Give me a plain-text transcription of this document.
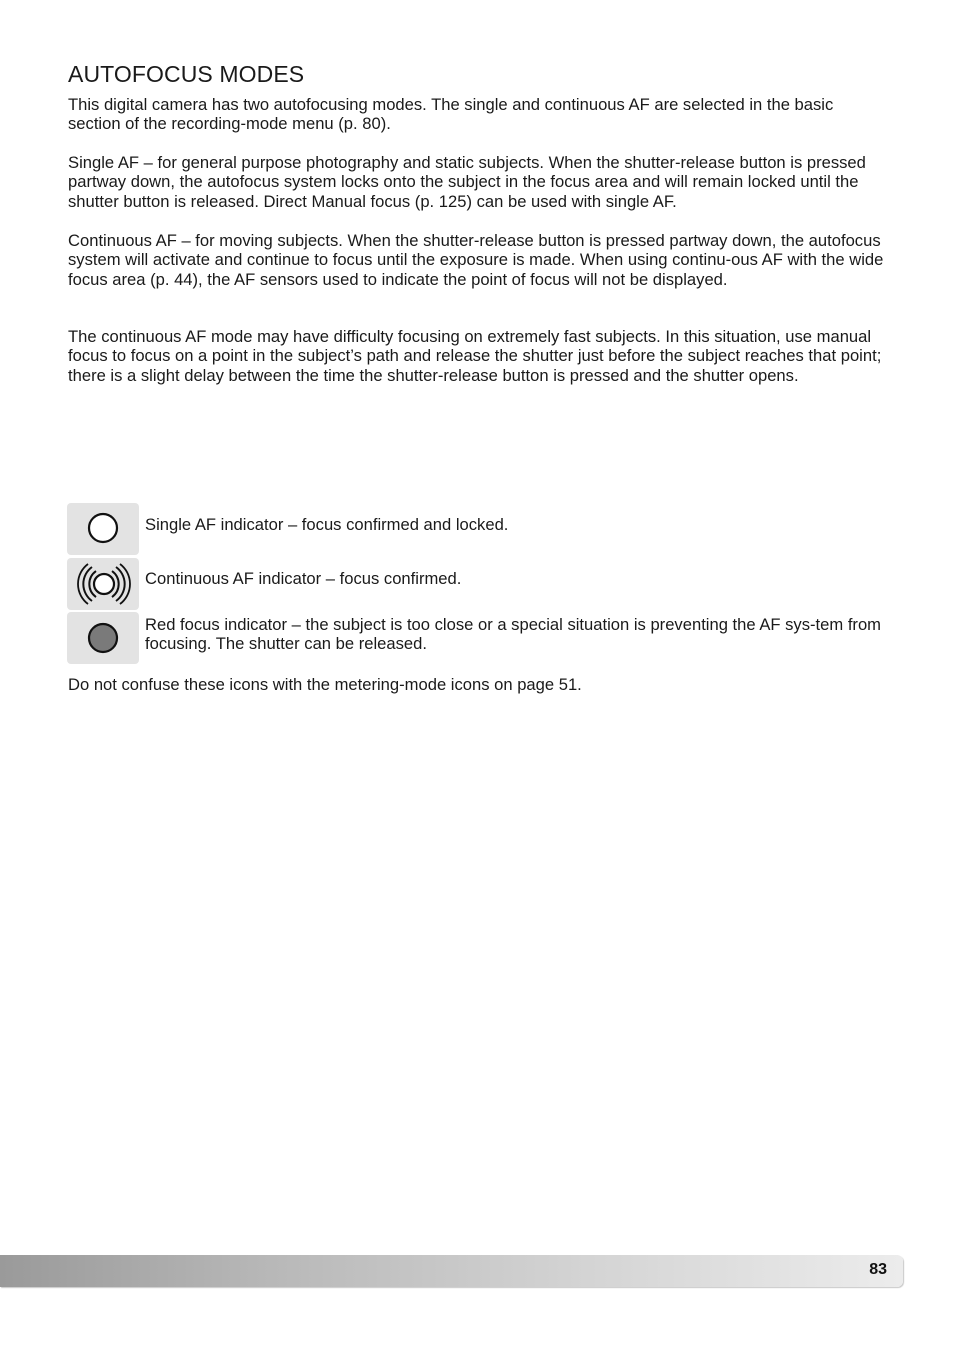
AUTOFOCUS MODES

This digital camera has two autofocusing modes. The single and continuous AF are selected in the basic section of the recording-mode menu (p. 80).

Single AF – for general purpose photography and static subjects. When the shutter-release button is pressed partway down, the autofocus system locks onto the subject in the focus area and will remain locked until the shutter button is released. Direct Manual focus (p. 125) can be used with single AF.

Continuous AF – for moving subjects. When the shutter-release button is pressed partway down, the autofocus system will activate and continue to focus until the exposure is made. When using continu-ous AF with the wide focus area (p. 44), the AF sensors used to indicate the point of focus will not be displayed.

The continuous AF mode may have difficulty focusing on extremely fast subjects. In this situation, use manual focus to focus on a point in the subject’s path and release the shutter just before the subject reaches that point; there is a slight delay between the time the shutter-release button is pressed and the shutter opens.

Single AF indicator – focus confirmed and locked.

Continuous AF indicator – focus confirmed.

Red focus indicator – the subject is too close or a special situation is preventing the AF sys-tem from focusing. The shutter can be released.

Do not confuse these icons with the metering-mode icons on page 51.

83
